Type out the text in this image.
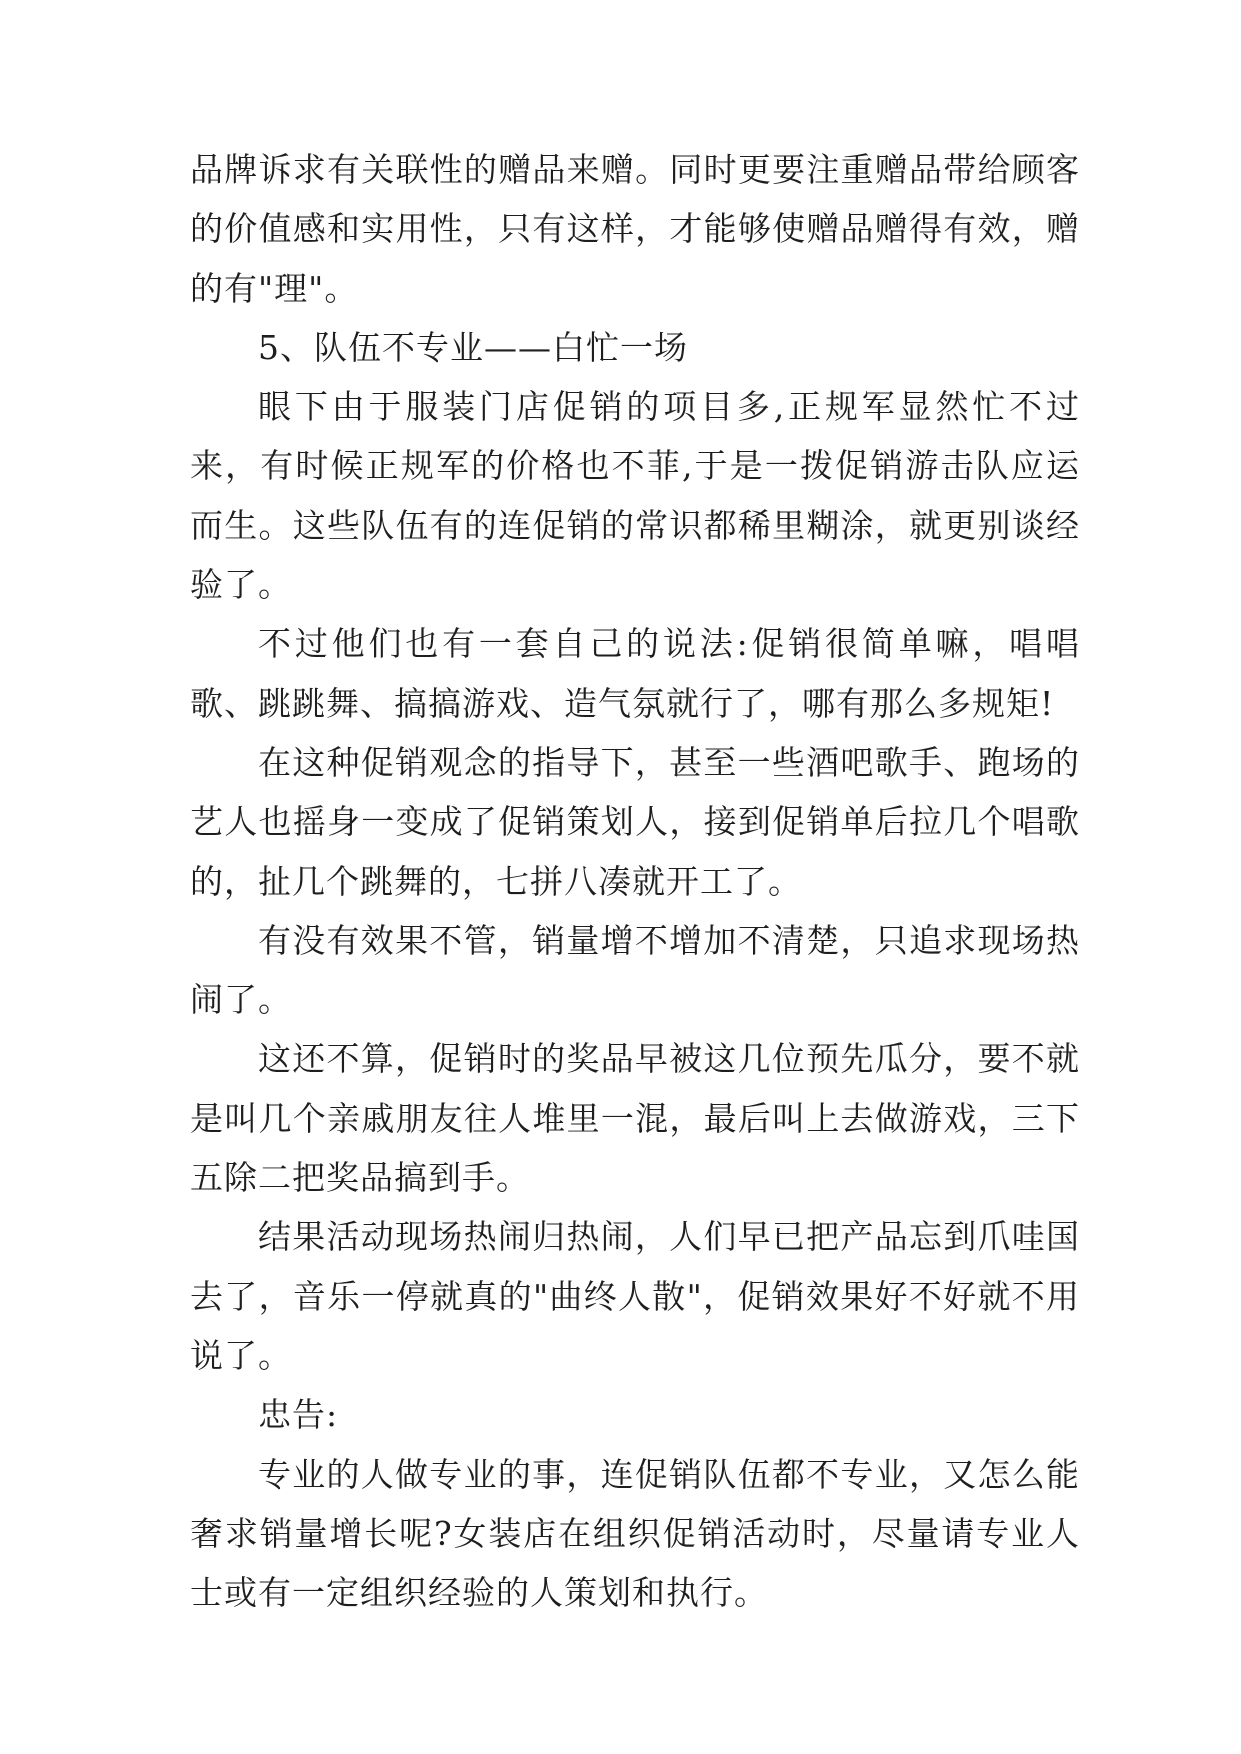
品牌诉求有关联性的赠品来赠。同时更要注重赠品带给顾客的价值感和实用性，只有这样，才能够使赠品赠得有效，赠的有"理"。

5、队伍不专业——白忙一场

眼下由于服装门店促销的项目多,正规军显然忙不过来，有时候正规军的价格也不菲,于是一拨促销游击队应运而生。这些队伍有的连促销的常识都稀里糊涂，就更别谈经验了。

不过他们也有一套自己的说法:促销很简单嘛，唱唱歌、跳跳舞、搞搞游戏、造气氛就行了，哪有那么多规矩!

在这种促销观念的指导下，甚至一些酒吧歌手、跑场的艺人也摇身一变成了促销策划人，接到促销单后拉几个唱歌的，扯几个跳舞的，七拼八凑就开工了。

有没有效果不管，销量增不增加不清楚，只追求现场热闹了。

这还不算，促销时的奖品早被这几位预先瓜分，要不就是叫几个亲戚朋友往人堆里一混，最后叫上去做游戏，三下五除二把奖品搞到手。

结果活动现场热闹归热闹，人们早已把产品忘到爪哇国去了，音乐一停就真的"曲终人散"，促销效果好不好就不用说了。

忠告:

专业的人做专业的事，连促销队伍都不专业，又怎么能奢求销量增长呢?女装店在组织促销活动时，尽量请专业人士或有一定组织经验的人策划和执行。
